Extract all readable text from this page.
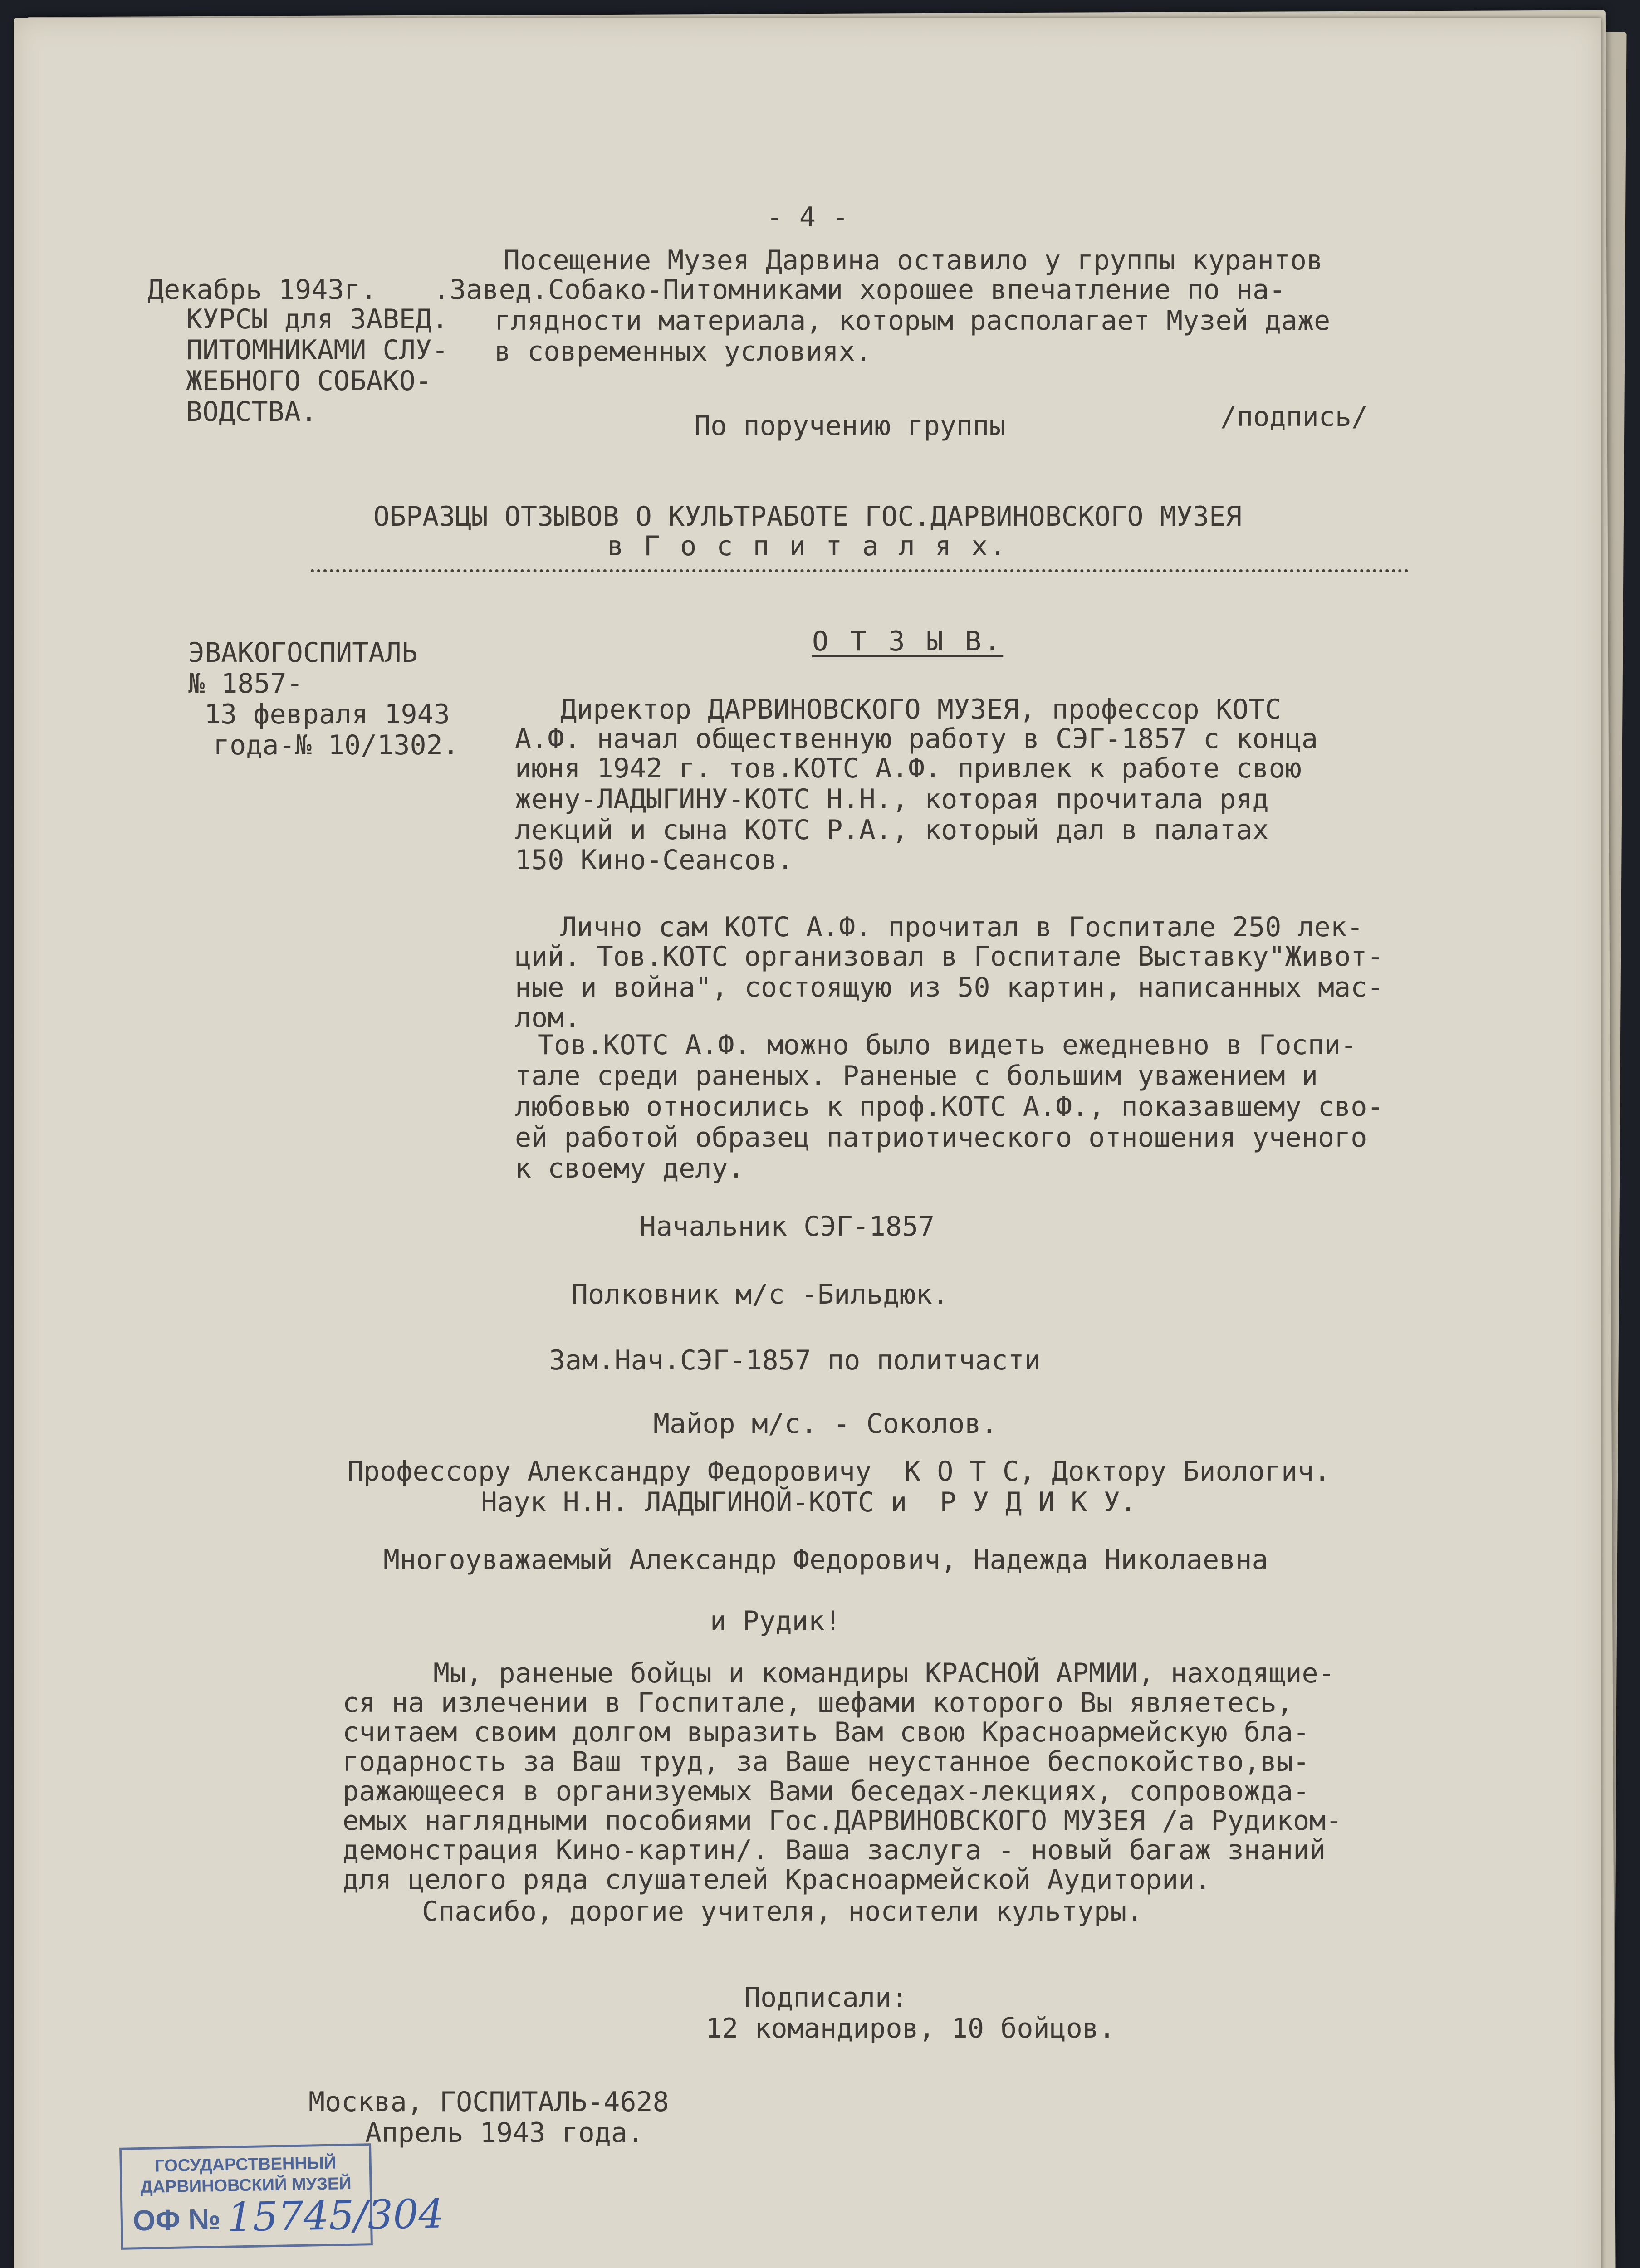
- 4 -
Декабрь 1943г.
КУРСЫ для ЗАВЕД.
ПИТОМНИКАМИ СЛУ-
ЖЕБНОГО СОБАКО-
ВОДСТВА.
Посещение Музея Дарвина оставило у группы курантов
.Завед.Собако-Питомниками хорошее впечатление по на-
глядности материала, которым располагает Музей даже
в современных условиях.
По поручению группы	/подпись/
ОБРАЗЦЫ ОТЗЫВОВ О КУЛЬТРАБОТЕ ГОС.ДАРВИНОВСКОГО МУЗЕЯ
в Г о с п и т а л я х.
ЭВАКОГОСПИТАЛЬ
№ 1857-
13 февраля 1943
года-№ 10/1302.
О Т З Ы В.
Директор ДАРВИНОВСКОГО МУЗЕЯ, профессор КОТС
А.Ф. начал общественную работу в СЭГ-1857 с конца
июня 1942 г. тов.КОТС А.Ф. привлек к работе свою
жену-ЛАДЫГИНУ-КОТС Н.Н., которая прочитала ряд
лекций и сына КОТС Р.А., который дал в палатах
150 Кино-Сеансов.
Лично сам КОТС А.Ф. прочитал в Госпитале 250 лек-
ций. Тов.КОТС организовал в Госпитале Выставку"Живот-
ные и война", состоящую из 50 картин, написанных мас-
лом.
Тов.КОТС А.Ф. можно было видеть ежедневно в Госпи-
тале среди раненых. Раненые с большим уважением и
любовью относились к проф.КОТС А.Ф., показавшему сво-
ей работой образец патриотического отношения ученого
к своему делу.
Начальник СЭГ-1857
Полковник м/с -Бильдюк.
Зам.Нач.СЭГ-1857 по политчасти
Майор м/с. - Соколов.
Профессору Александру Федоровичу  К О Т С, Доктору Биологич.
Наук Н.Н. ЛАДЫГИНОЙ-КОТС и  Р У Д И К У.
Многоуважаемый Александр Федорович, Надежда Николаевна
и Рудик!
Мы, раненые бойцы и командиры КРАСНОЙ АРМИИ, находящие-
ся на излечении в Госпитале, шефами которого Вы являетесь,
считаем своим долгом выразить Вам свою Красноармейскую бла-
годарность за Ваш труд, за Ваше неустанное беспокойство,вы-
ражающееся в организуемых Вами беседах-лекциях, сопровожда-
емых наглядными пособиями Гос.ДАРВИНОВСКОГО МУЗЕЯ /а Рудиком-
демонстрация Кино-картин/. Ваша заслуга - новый багаж знаний
для целого ряда слушателей Красноармейской Аудитории.
Спасибо, дорогие учителя, носители культуры.
Подписали:
12 командиров, 10 бойцов.
Москва, ГОСПИТАЛЬ-4628
Апрель 1943 года.
ГОСУДАРСТВЕННЫЙ
ДАРВИНОВСКИЙ МУЗЕЙ
ОФ № 15745/304
